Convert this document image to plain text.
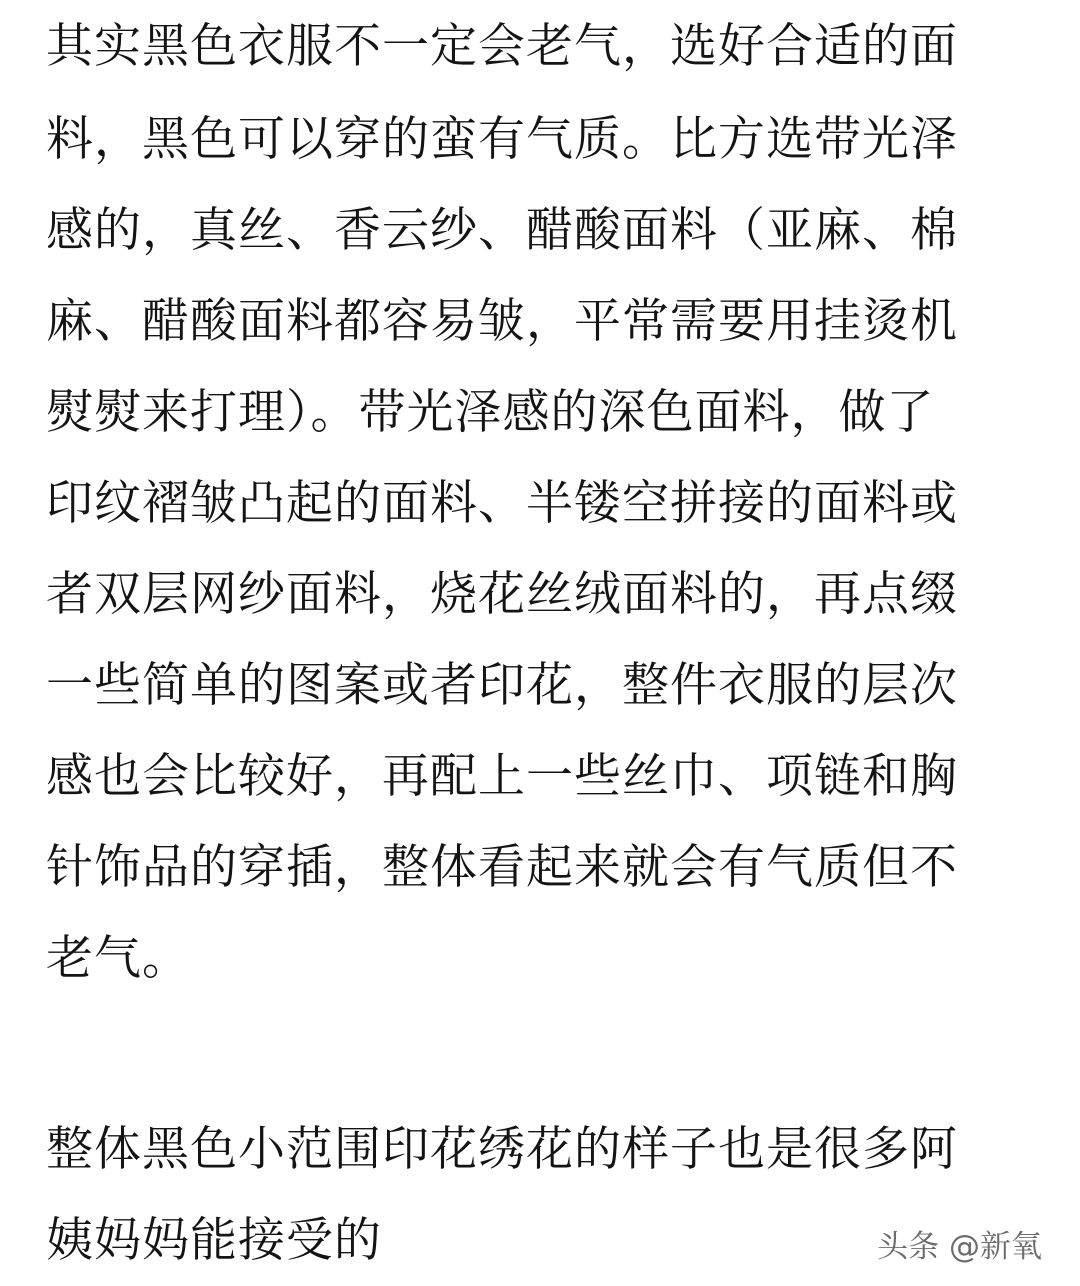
其实黑色衣服不一定会老气，选好合适的面
料，黑色可以穿的蛮有气质。比方选带光泽
感的，真丝、香云纱、醋酸面料（亚麻、棉
麻、醋酸面料都容易皱，平常需要用挂烫机
熨熨来打理）。带光泽感的深色面料，做了
印纹褶皱凸起的面料、半镂空拼接的面料或
者双层网纱面料，烧花丝绒面料的，再点缀
一些简单的图案或者印花，整件衣服的层次
感也会比较好，再配上一些丝巾、项链和胸
针饰品的穿插，整体看起来就会有气质但不
老气。
整体黑色小范围印花绣花的样子也是很多阿
姨妈妈能接受的	头条 @新氧
